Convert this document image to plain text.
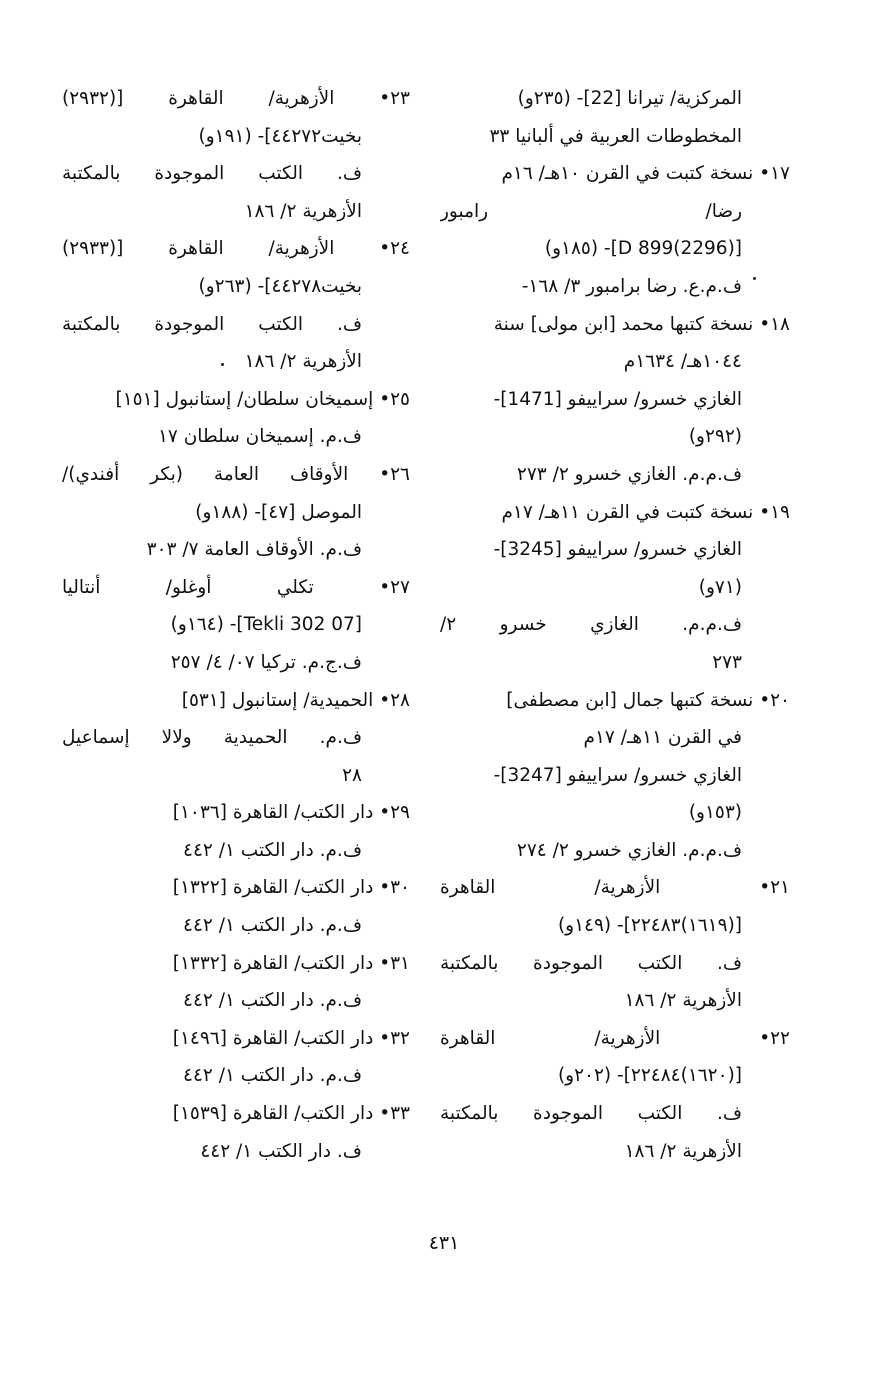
المركزية/ تيرانا [22]- (٢٣٥و)
المخطوطات العربية في ألبانيا ٣٣
١٧• نسخة كتبت في القرن ١٠هـ/ ١٦م
رضا/ رامبور
[D 899(2296)]- (١٨٥و)
ف.م.ع. رضا برامبور ٣/ ١٦٨-
١٨• نسخة كتبها محمد [ابن مولى] سنة
١٠٤٤هـ/ ١٦٣٤م
الغازي خسرو/ سراييفو [1471]-
(٢٩٢و)
ف.م.م. الغازي خسرو ٢/ ٢٧٣
١٩• نسخة كتبت في القرن ١١هـ/ ١٧م
الغازي خسرو/ سراييفو [3245]-
(٧١و)
ف.م.م. الغازي خسرو ٢/
٢٧٣
٢٠• نسخة كتبها جمال [ابن مصطفى]
في القرن ١١هـ/ ١٧م
الغازي خسرو/ سراييفو [3247]-
(١٥٣و)
ف.م.م. الغازي خسرو ٢/ ٢٧٤
٢١• الأزهرية/ القاهرة
[(١٦١٩)٢٢٤٨٣]- (١٤٩و)
ف. الكتب الموجودة بالمكتبة
الأزهرية ٢/ ١٨٦
٢٢• الأزهرية/ القاهرة
[(١٦٢٠)٢٢٤٨٤]- (٢٠٢و)
ف. الكتب الموجودة بالمكتبة
الأزهرية ٢/ ١٨٦
٢٣• الأزهرية/ القاهرة [(٢٩٣٢)
بخيت٤٤٢٧٢]- (١٩١و)
ف. الكتب الموجودة بالمكتبة
الأزهرية ٢/ ١٨٦
٢٤• الأزهرية/ القاهرة [(٢٩٣٣)
بخيت٤٤٢٧٨]- (٢٦٣و)
ف. الكتب الموجودة بالمكتبة
الأزهرية ٢/ ١٨٦
٢٥• إسميخان سلطان/ إستانبول [١٥١]
ف.م. إسميخان سلطان ١٧
٢٦• الأوقاف العامة (بكر أفندي)/
الموصل [٤٧]- (١٨٨و)
ف.م. الأوقاف العامة ٧/ ٣٠٣
٢٧• تكلي أوغلو/ أنتاليا
[Tekli 302 07]- (١٦٤و)
ف.ج.م. تركيا ٠٧/ ٤/ ٢٥٧
٢٨• الحميدية/ إستانبول [٥٣١]
ف.م. الحميدية ولالا إسماعيل
٢٨
٢٩• دار الكتب/ القاهرة [١٠٣٦]
ف.م. دار الكتب ١/ ٤٤٢
٣٠• دار الكتب/ القاهرة [١٣٢٢]
ف.م. دار الكتب ١/ ٤٤٢
٣١• دار الكتب/ القاهرة [١٣٣٢]
ف.م. دار الكتب ١/ ٤٤٢
٣٢• دار الكتب/ القاهرة [١٤٩٦]
ف.م. دار الكتب ١/ ٤٤٢
٣٣• دار الكتب/ القاهرة [١٥٣٩]
ف. دار الكتب ١/ ٤٤٢
٤٣١
